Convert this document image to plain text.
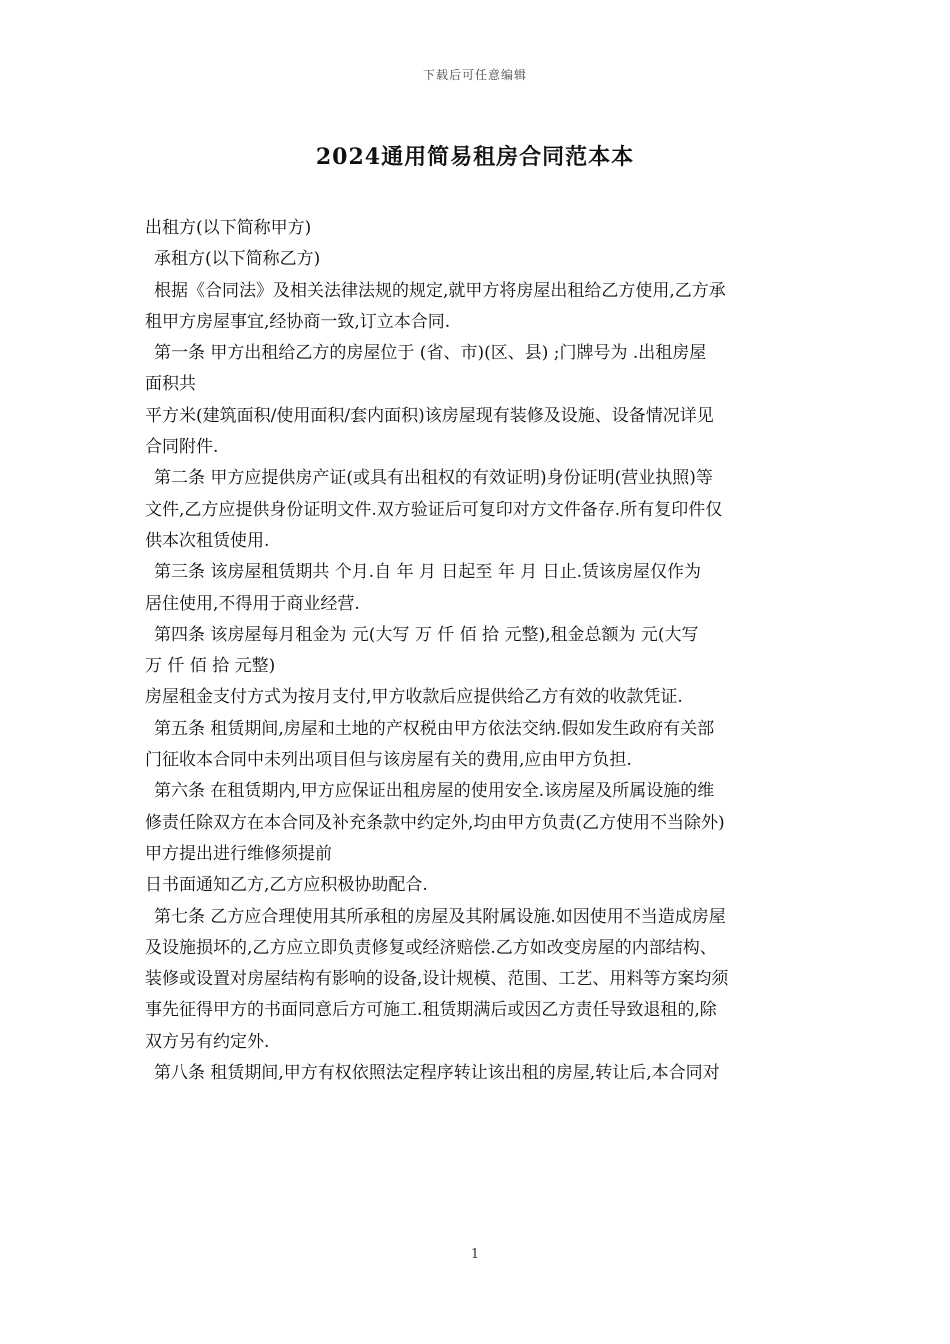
下载后可任意编辑
2024通用简易租房合同范本本
出租方(以下简称甲方)
承租方(以下简称乙方)
根据《合同法》及相关法律法规的规定,就甲方将房屋出租给乙方使用,乙方承
租甲方房屋事宜,经协商一致,订立本合同.
第一条 甲方出租给乙方的房屋位于 (省、市)(区、县) ;门牌号为 .出租房屋
面积共
平方米(建筑面积/使用面积/套内面积)该房屋现有装修及设施、设备情况详见
合同附件.
第二条 甲方应提供房产证(或具有出租权的有效证明)身份证明(营业执照)等
文件,乙方应提供身份证明文件.双方验证后可复印对方文件备存.所有复印件仅
供本次租赁使用.
第三条 该房屋租赁期共 个月.自 年 月 日起至 年 月 日止.赁该房屋仅作为
居住使用,不得用于商业经营.
第四条 该房屋每月租金为 元(大写 万 仟 佰 拾 元整),租金总额为 元(大写
万 仟 佰 拾 元整)
房屋租金支付方式为按月支付,甲方收款后应提供给乙方有效的收款凭证.
第五条 租赁期间,房屋和土地的产权税由甲方依法交纳.假如发生政府有关部
门征收本合同中未列出项目但与该房屋有关的费用,应由甲方负担.
第六条 在租赁期内,甲方应保证出租房屋的使用安全.该房屋及所属设施的维
修责任除双方在本合同及补充条款中约定外,均由甲方负责(乙方使用不当除外)
甲方提出进行维修须提前
日书面通知乙方,乙方应积极协助配合.
第七条 乙方应合理使用其所承租的房屋及其附属设施.如因使用不当造成房屋
及设施损坏的,乙方应立即负责修复或经济赔偿.乙方如改变房屋的内部结构、
装修或设置对房屋结构有影响的设备,设计规模、范围、工艺、用料等方案均须
事先征得甲方的书面同意后方可施工.租赁期满后或因乙方责任导致退租的,除
双方另有约定外.
第八条 租赁期间,甲方有权依照法定程序转让该出租的房屋,转让后,本合同对
1
